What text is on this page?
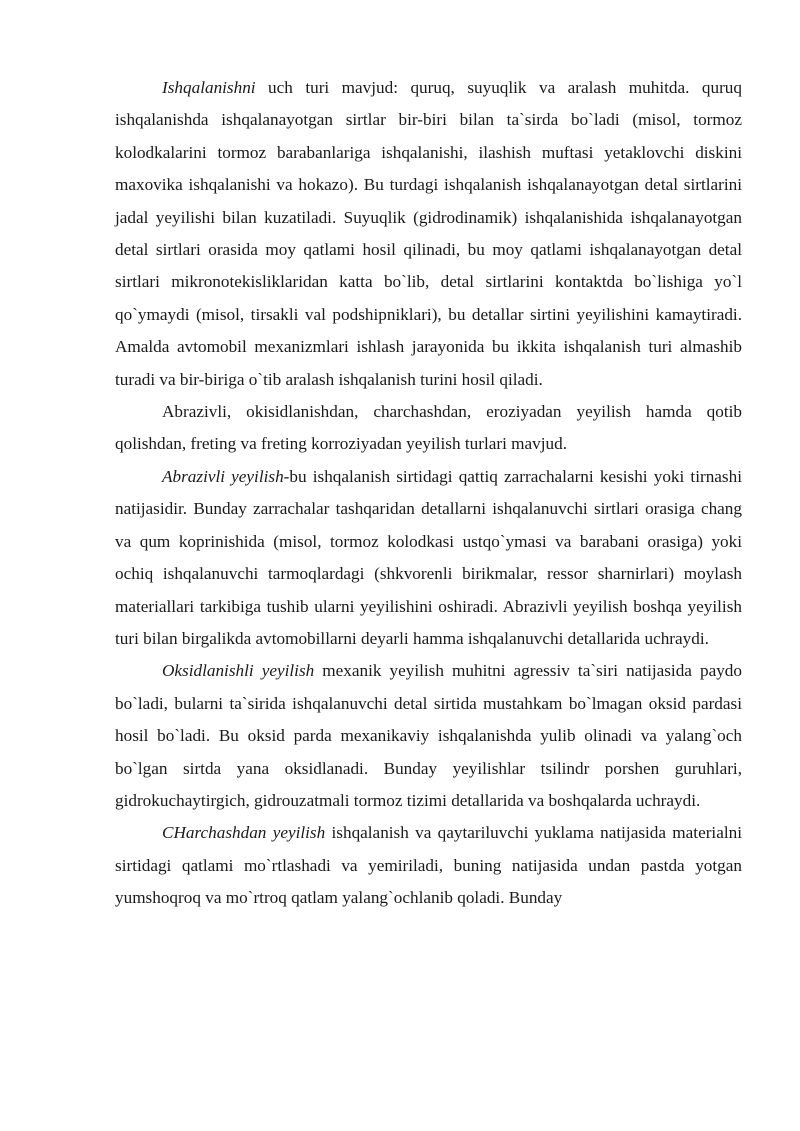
Ishqalanishni uch turi mavjud: quruq, suyuqlik va aralash muhitda. quruq ishqalanishda ishqalanayotgan sirtlar bir-biri bilan ta`sirda bo`ladi (misol, tormoz kolodkalarini tormoz barabanlariga ishqalanishi, ilashish muftasi yetaklovchi diskini maxovika ishqalanishi va hokazo). Bu turdagi ishqalanish ishqalanayotgan detal sirtlarini jadal yeyilishi bilan kuzatiladi. Suyuqlik (gidrodinamik) ishqalanishida ishqalanayotgan detal sirtlari orasida moy qatlami hosil qilinadi, bu moy qatlami ishqalanayotgan detal sirtlari mikronotekisliklaridan katta bo`lib, detal sirtlarini kontaktda bo`lishiga yo`l qo`ymaydi (misol, tirsakli val podshipniklari), bu detallar sirtini yeyilishini kamaytiradi. Amalda avtomobil mexanizmlari ishlash jarayonida bu ikkita ishqalanish turi almashib turadi va bir-biriga o`tib aralash ishqalanish turini hosil qiladi.

Abrazivli, okisidlanishdan, charchashdan, eroziyadan yeyilish hamda qotib qolishdan, freting va freting korroziyadan yeyilish turlari mavjud.

Abrazivli yeyilish-bu ishqalanish sirtidagi qattiq zarrachalarni kesishi yoki tirnashi natijasidir. Bunday zarrachalar tashqaridan detallarni ishqalanuvchi sirtlari orasiga chang va qum koprinishida (misol, tormoz kolodkasi ustqo`ymasi va barabani orasiga) yoki ochiq ishqalanuvchi tarmoqlardagi (shkvorenli birikmalar, ressor sharnirlari) moylash materiallari tarkibiga tushib ularni yeyilishini oshiradi. Abrazivli yeyilish boshqa yeyilish turi bilan birgalikda avtomobillarni deyarli hamma ishqalanuvchi detallarida uchraydi.

Oksidlanishli yeyilish mexanik yeyilish muhitni agressiv ta`siri natijasida paydo bo`ladi, bularni ta`sirida ishqalanuvchi detal sirtida mustahkam bo`lmagan oksid pardasi hosil bo`ladi. Bu oksid parda mexanikaviy ishqalanishda yulib olinadi va yalang`och bo`lgan sirtda yana oksidlanadi. Bunday yeyilishlar tsilindr porshen guruhlari, gidrokuchaytirgich, gidrouzatmali tormoz tizimi detallarida va boshqalarda uchraydi.

CHarchashdan yeyilish ishqalanish va qaytariluvchi yuklama natijasida materialni sirtidagi qatlami mo`rtlashadi va yemiriladi, buning natijasida undan pastda yotgan yumshoqroq va mo`rtroq qatlam yalang`ochlanib qoladi. Bunday
